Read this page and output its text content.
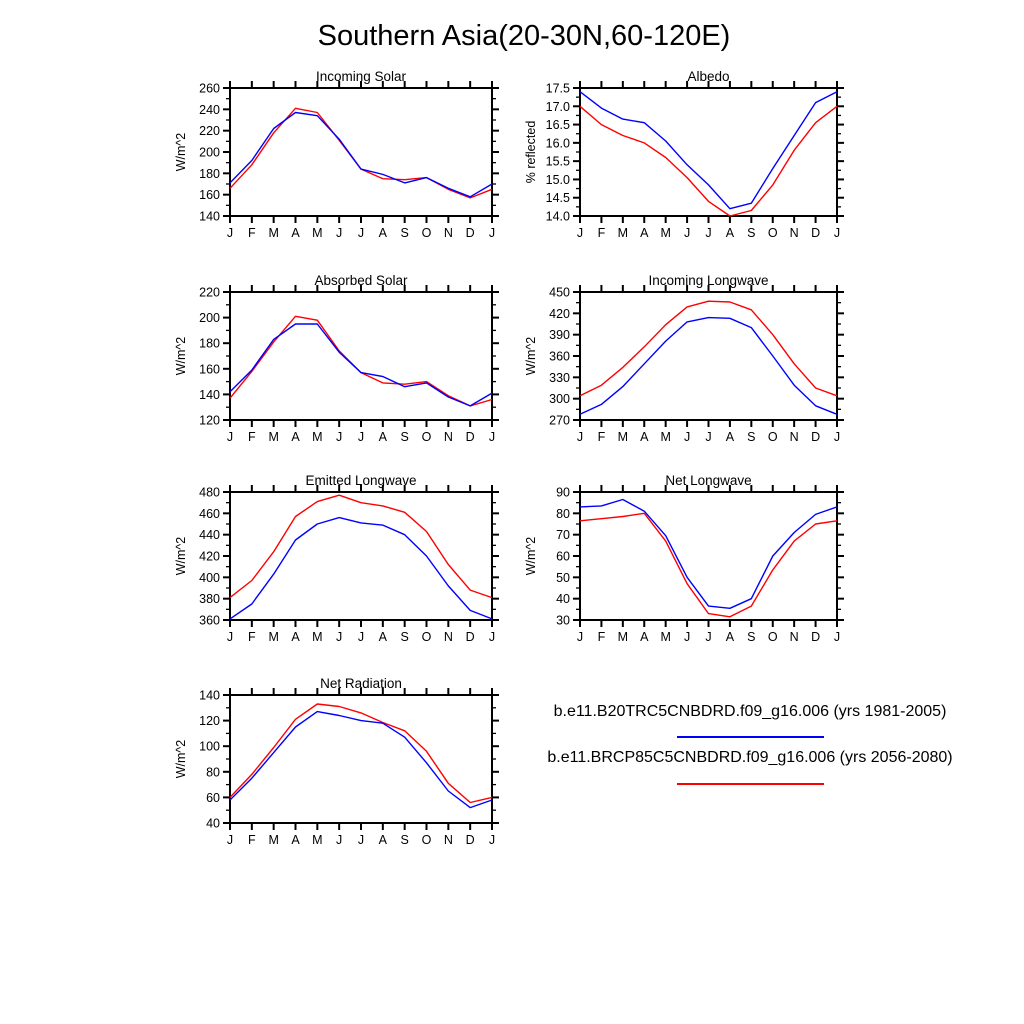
Southern Asia(20-30N,60-120E)
Incoming Solar
W/m^2
J F M A M J J A S O N D J
140
160
180
200
220
240
260
Albedo
% reflected
J F M A M J J A S O N D J
14.0
14.5
15.0
15.5
16.0
16.5
17.0
17.5
Absorbed Solar
W/m^2
J F M A M J J A S O N D J
120
140
160
180
200
220
Incoming Longwave
W/m^2
J F M A M J J A S O N D J
270
300
330
360
390
420
450
Emitted Longwave
W/m^2
J F M A M J J A S O N D J
360
380
400
420
440
460
480
Net Longwave
W/m^2
J F M A M J J A S O N D J
30
40
50
60
70
80
90
Net Radiation
W/m^2
J F M A M J J A S O N D J
40
60
80
100
120
140
b.e11.B20TRC5CNBDRD.f09_g16.006 (yrs 1981-2005)
b.e11.BRCP85C5CNBDRD.f09_g16.006 (yrs 2056-2080)
